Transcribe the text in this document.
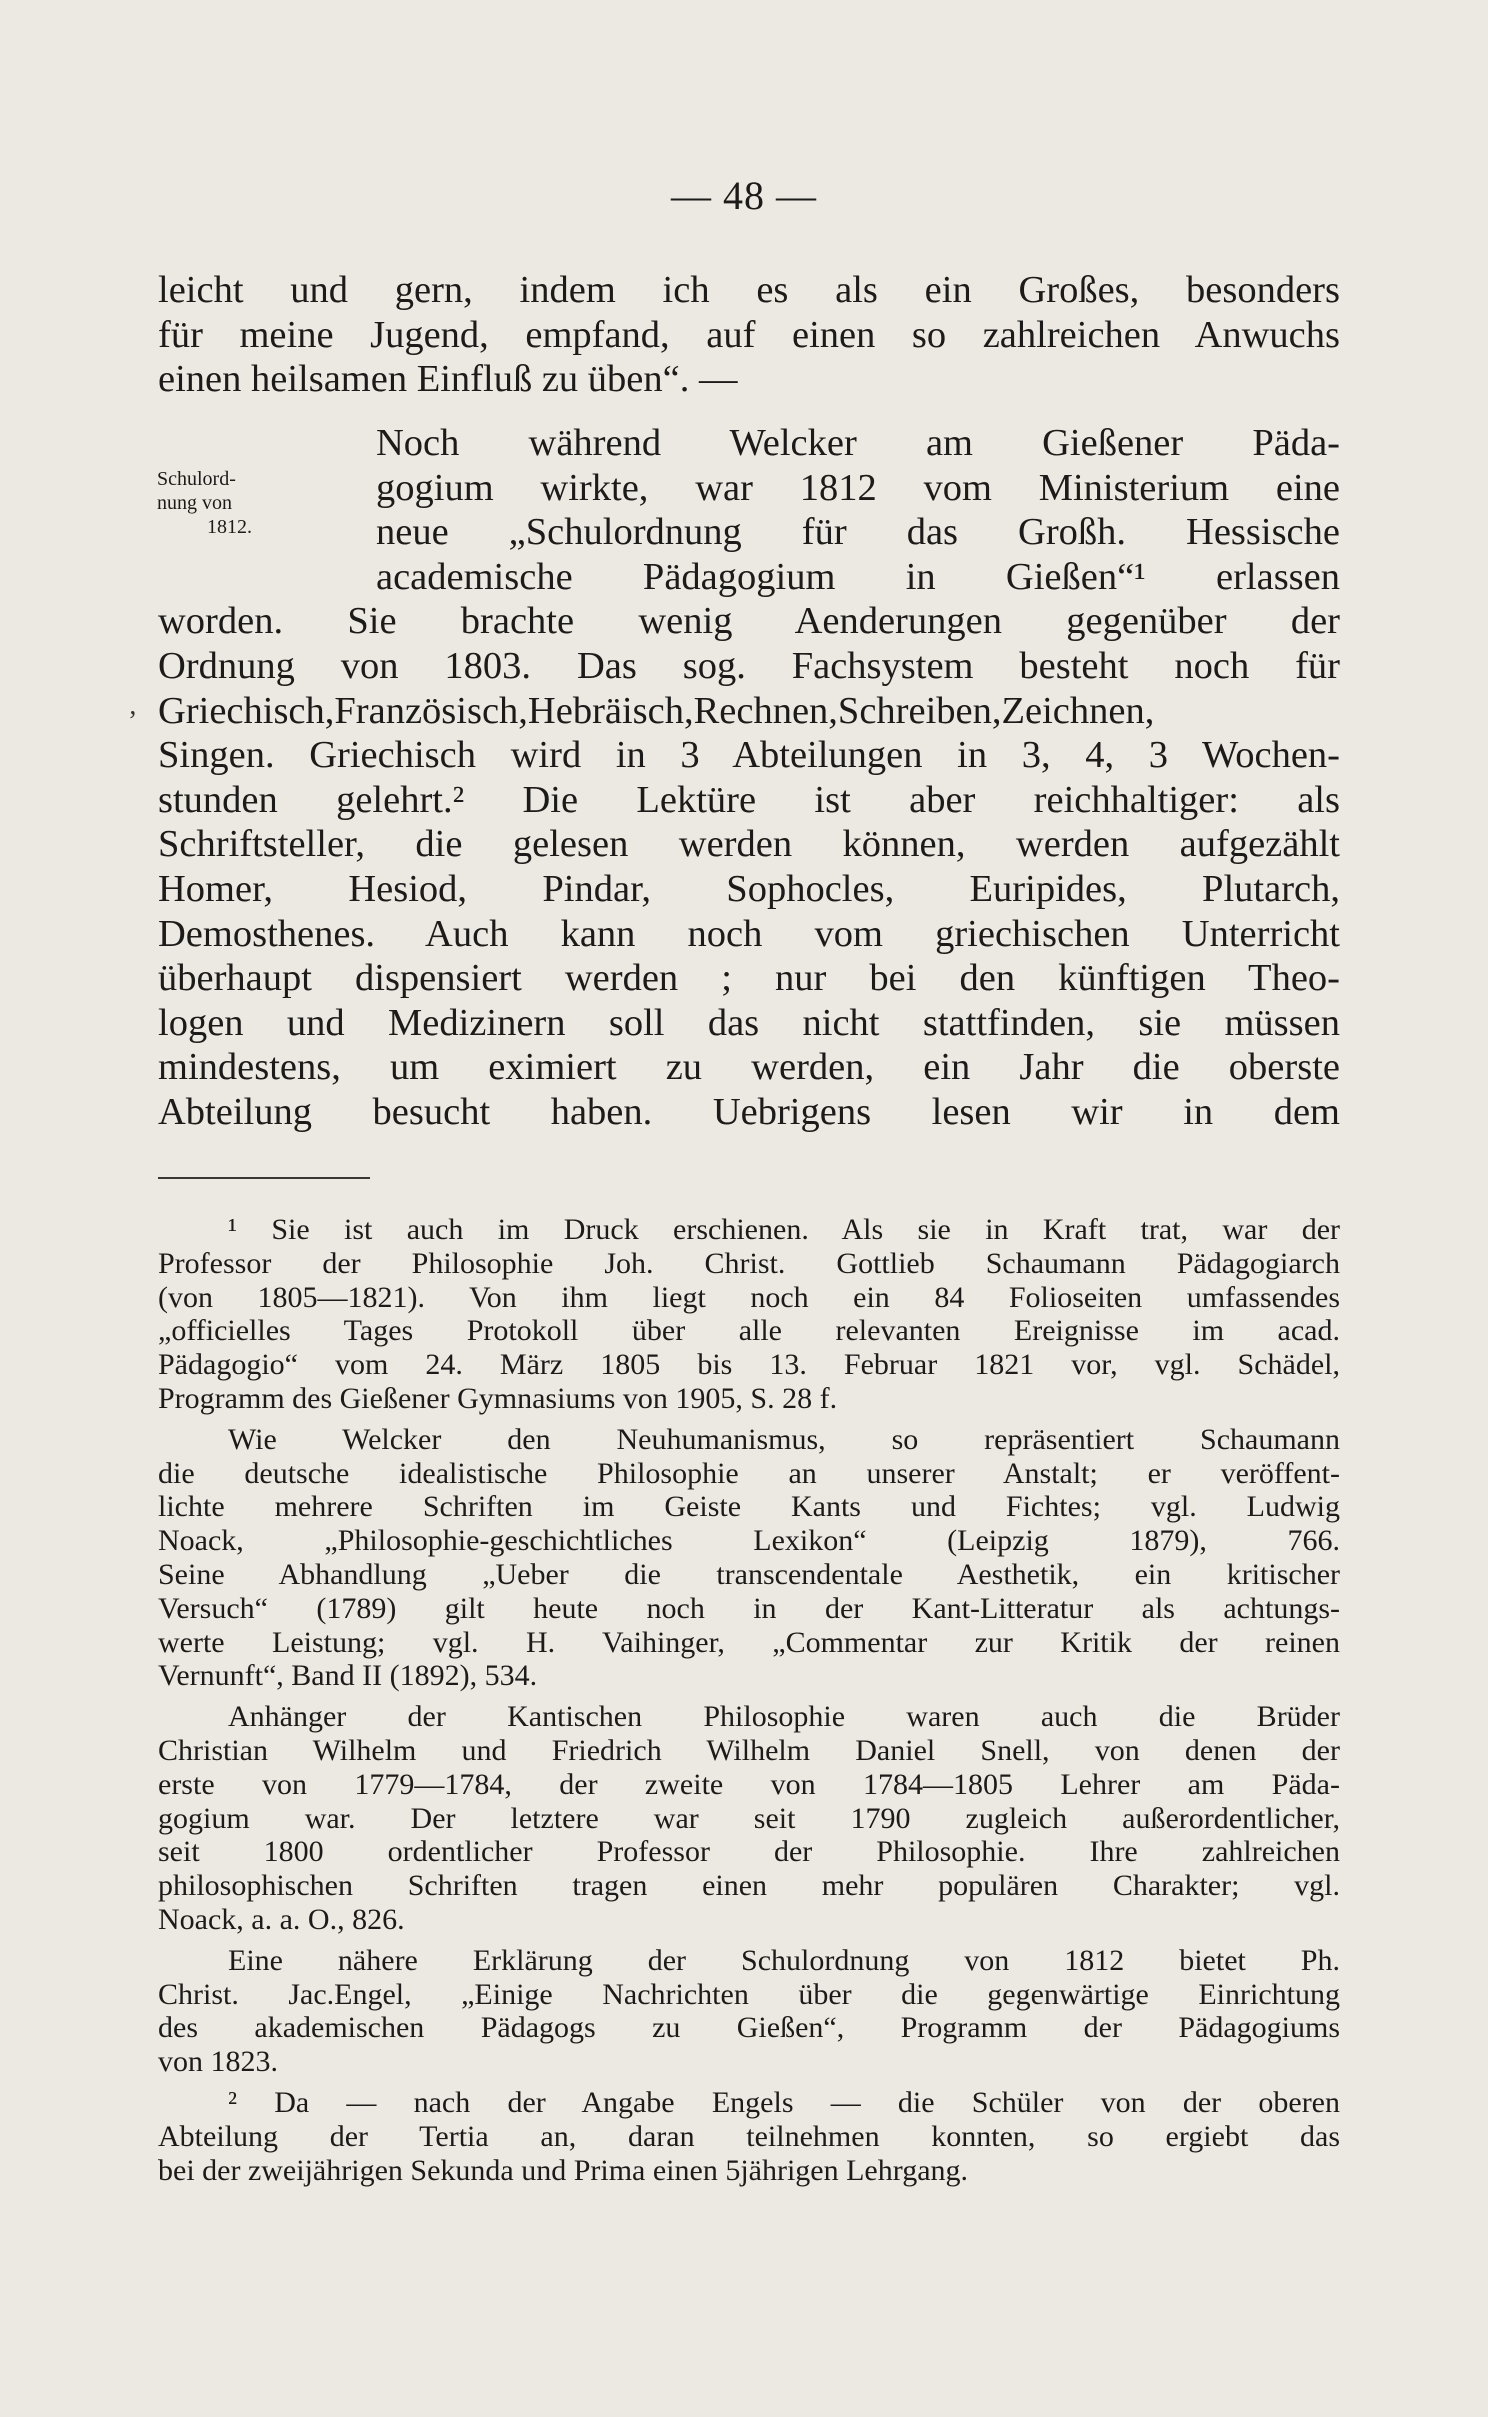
— 48 —
Schulord-
nung von
1812.
‚
leicht und gern, indem ich es als ein Großes, besonders
für meine Jugend, empfand, auf einen so zahlreichen Anwuchs
einen heilsamen Einfluß zu üben“. —
Noch während Welcker am Gießener Päda-
gogium wirkte, war 1812 vom Ministerium eine
neue „Schulordnung für das Großh. Hessische
academische Pädagogium in Gießen“¹ erlassen
worden. Sie brachte wenig Aenderungen gegenüber der
Ordnung von 1803. Das sog. Fachsystem besteht noch für
Griechisch,Französisch,Hebräisch,Rechnen,Schreiben,Zeichnen,
Singen. Griechisch wird in 3 Abteilungen in 3, 4, 3 Wochen-
stunden gelehrt.² Die Lektüre ist aber reichhaltiger: als
Schriftsteller, die gelesen werden können, werden aufgezählt
Homer, Hesiod, Pindar, Sophocles, Euripides, Plutarch,
Demosthenes. Auch kann noch vom griechischen Unterricht
überhaupt dispensiert werden ; nur bei den künftigen Theo-
logen und Medizinern soll das nicht stattfinden, sie müssen
mindestens, um eximiert zu werden, ein Jahr die oberste
Abteilung besucht haben. Uebrigens lesen wir in dem
¹ Sie ist auch im Druck erschienen. Als sie in Kraft trat, war der
Professor der Philosophie Joh. Christ. Gottlieb Schaumann Pädagogiarch
(von 1805—1821). Von ihm liegt noch ein 84 Folioseiten umfassendes
„officielles Tages Protokoll über alle relevanten Ereignisse im acad.
Pädagogio“ vom 24. März 1805 bis 13. Februar 1821 vor, vgl. Schädel,
Programm des Gießener Gymnasiums von 1905, S. 28 f.
Wie Welcker den Neuhumanismus, so repräsentiert Schaumann
die deutsche idealistische Philosophie an unserer Anstalt; er veröffent-
lichte mehrere Schriften im Geiste Kants und Fichtes; vgl. Ludwig
Noack, „Philosophie-geschichtliches Lexikon“ (Leipzig 1879), 766.
Seine Abhandlung „Ueber die transcendentale Aesthetik, ein kritischer
Versuch“ (1789) gilt heute noch in der Kant-Litteratur als achtungs-
werte Leistung; vgl. H. Vaihinger, „Commentar zur Kritik der reinen
Vernunft“, Band II (1892), 534.
Anhänger der Kantischen Philosophie waren auch die Brüder
Christian Wilhelm und Friedrich Wilhelm Daniel Snell, von denen der
erste von 1779—1784, der zweite von 1784—1805 Lehrer am Päda-
gogium war. Der letztere war seit 1790 zugleich außerordentlicher,
seit 1800 ordentlicher Professor der Philosophie. Ihre zahlreichen
philosophischen Schriften tragen einen mehr populären Charakter; vgl.
Noack, a. a. O., 826.
Eine nähere Erklärung der Schulordnung von 1812 bietet Ph.
Christ. Jac.Engel, „Einige Nachrichten über die gegenwärtige Einrichtung
des akademischen Pädagogs zu Gießen“, Programm der Pädagogiums
von 1823.
² Da — nach der Angabe Engels — die Schüler von der oberen
Abteilung der Tertia an, daran teilnehmen konnten, so ergiebt das
bei der zweijährigen Sekunda und Prima einen 5jährigen Lehrgang.
